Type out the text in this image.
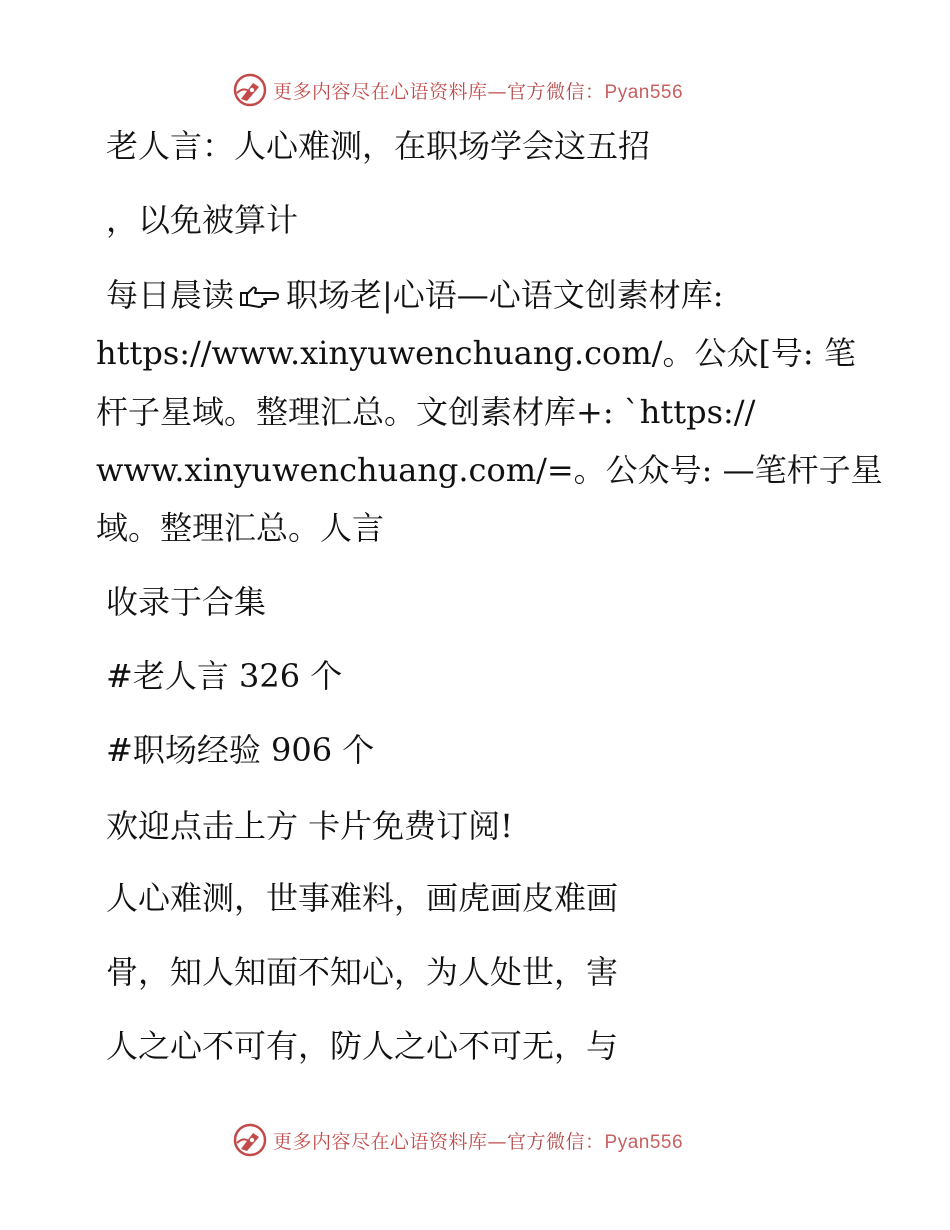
更多内容尽在心语资料库—官方微信：Pyan556
老人言：人心难测，在职场学会这五招
，以免被算计
每日晨读 职场老|心语—心语文创素材库:
https://www.xinyuwenchuang.com/。公众[号: 笔
杆子星域。整理汇总。文创素材库+: `https://
www.xinyuwenchuang.com/=。公众号: —笔杆子星
域。整理汇总。人言
收录于合集
#老人言 326 个
#职场经验 906 个
欢迎点击上方 卡片免费订阅!
人心难测，世事难料，画虎画皮难画
骨，知人知面不知心，为人处世，害
人之心不可有，防人之心不可无，与
更多内容尽在心语资料库—官方微信：Pyan556
